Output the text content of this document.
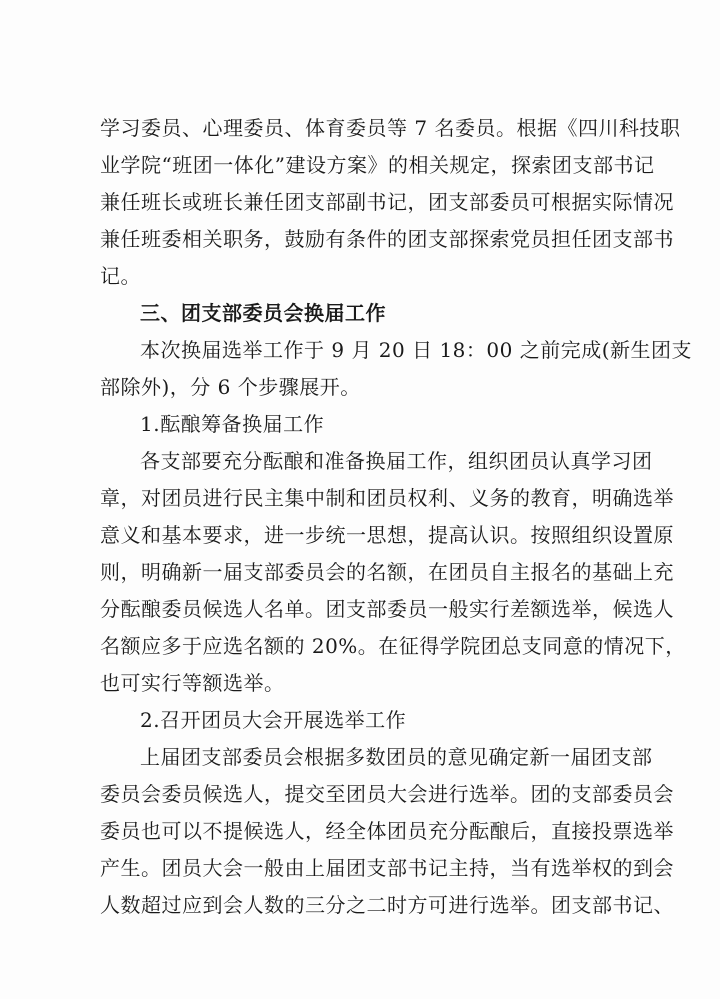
学习委员、心理委员、体育委员等 7 名委员。根据《四川科技职
业学院“班团一体化”建设方案》的相关规定，探索团支部书记
兼任班长或班长兼任团支部副书记，团支部委员可根据实际情况
兼任班委相关职务，鼓励有条件的团支部探索党员担任团支部书
记。

三、团支部委员会换届工作

本次换届选举工作于 9 月 20 日 18：00 之前完成(新生团支
部除外)，分 6 个步骤展开。

1.酝酿筹备换届工作

各支部要充分酝酿和准备换届工作，组织团员认真学习团
章，对团员进行民主集中制和团员权利、义务的教育，明确选举
意义和基本要求，进一步统一思想，提高认识。按照组织设置原
则，明确新一届支部委员会的名额，在团员自主报名的基础上充
分酝酿委员候选人名单。团支部委员一般实行差额选举，候选人
名额应多于应选名额的 20%。在征得学院团总支同意的情况下，
也可实行等额选举。

2.召开团员大会开展选举工作

上届团支部委员会根据多数团员的意见确定新一届团支部
委员会委员候选人，提交至团员大会进行选举。团的支部委员会
委员也可以不提候选人，经全体团员充分酝酿后，直接投票选举
产生。团员大会一般由上届团支部书记主持，当有选举权的到会
人数超过应到会人数的三分之二时方可进行选举。团支部书记、
